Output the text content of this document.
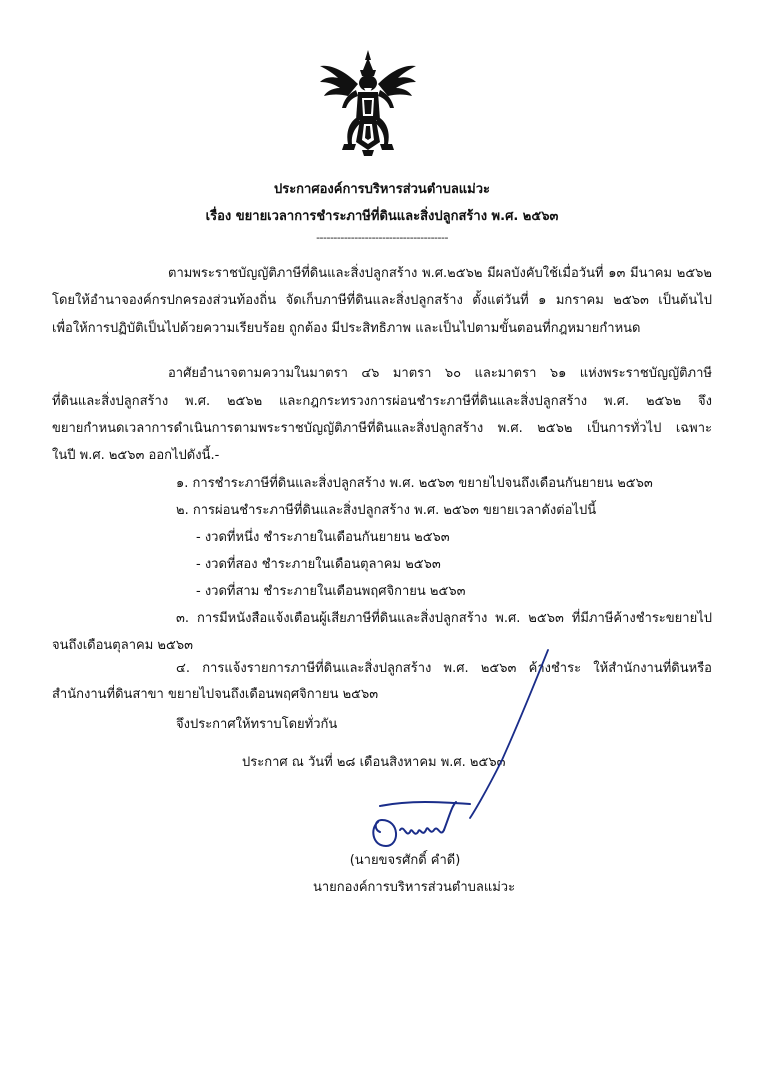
ประกาศองค์การบริหารส่วนตำบลแม่วะ
เรื่อง ขยายเวลาการชำระภาษีที่ดินและสิ่งปลูกสร้าง พ.ศ. ๒๕๖๓
--------------------------------------
ตามพระราชบัญญัติภาษีที่ดินและสิ่งปลูกสร้าง พ.ศ.๒๕๖๒ มีผลบังคับใช้เมื่อวันที่ ๑๓ มีนาคม ๒๕๖๒
โดยให้อำนาจองค์กรปกครองส่วนท้องถิ่น จัดเก็บภาษีที่ดินและสิ่งปลูกสร้าง ตั้งแต่วันที่ ๑ มกราคม ๒๕๖๓ เป็นต้นไป
เพื่อให้การปฏิบัติเป็นไปด้วยความเรียบร้อย ถูกต้อง มีประสิทธิภาพ และเป็นไปตามขั้นตอนที่กฎหมายกำหนด
อาศัยอำนาจตามความในมาตรา ๔๖ มาตรา ๖๐ และมาตรา ๖๑ แห่งพระราชบัญญัติภาษี
ที่ดินและสิ่งปลูกสร้าง พ.ศ. ๒๕๖๒ และกฎกระทรวงการผ่อนชำระภาษีที่ดินและสิ่งปลูกสร้าง พ.ศ. ๒๕๖๒ จึง
ขยายกำหนดเวลาการดำเนินการตามพระราชบัญญัติภาษีที่ดินและสิ่งปลูกสร้าง พ.ศ. ๒๕๖๒ เป็นการทั่วไป เฉพาะ
ในปี พ.ศ. ๒๕๖๓ ออกไปดังนี้.-
๑. การชำระภาษีที่ดินและสิ่งปลูกสร้าง พ.ศ. ๒๕๖๓ ขยายไปจนถึงเดือนกันยายน ๒๕๖๓
๒. การผ่อนชำระภาษีที่ดินและสิ่งปลูกสร้าง พ.ศ. ๒๕๖๓ ขยายเวลาดังต่อไปนี้
- งวดที่หนึ่ง ชำระภายในเดือนกันยายน ๒๕๖๓
- งวดที่สอง ชำระภายในเดือนตุลาคม ๒๕๖๓
- งวดที่สาม ชำระภายในเดือนพฤศจิกายน ๒๕๖๓
๓. การมีหนังสือแจ้งเตือนผู้เสียภาษีที่ดินและสิ่งปลูกสร้าง พ.ศ. ๒๕๖๓ ที่มีภาษีค้างชำระขยายไป
จนถึงเดือนตุลาคม ๒๕๖๓
๔. การแจ้งรายการภาษีที่ดินและสิ่งปลูกสร้าง พ.ศ. ๒๕๖๓ ค้างชำระ ให้สำนักงานที่ดินหรือ
สำนักงานที่ดินสาขา ขยายไปจนถึงเดือนพฤศจิกายน ๒๕๖๓
จึงประกาศให้ทราบโดยทั่วกัน
ประกาศ ณ วันที่ ๒๘ เดือนสิงหาคม พ.ศ. ๒๕๖๓
(นายขจรศักดิ์ คำดี)
นายกองค์การบริหารส่วนตำบลแม่วะ
